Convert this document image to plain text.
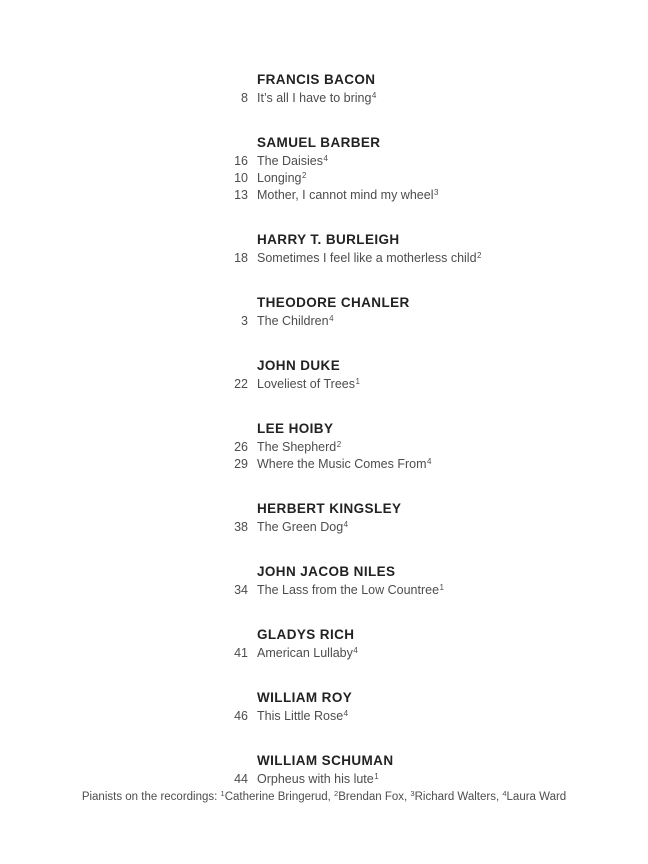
FRANCIS BACON
8 It’s all I have to bring$^4$
SAMUEL BARBER
16 The Daisies$^4$
10 Longing$^2$
13 Mother, I cannot mind my wheel$^3$
HARRY T. BURLEIGH
18 Sometimes I feel like a motherless child$^2$
THEODORE CHANLER
3 The Children$^4$
JOHN DUKE
22 Loveliest of Trees$^1$
LEE HOIBY
26 The Shepherd$^2$
29 Where the Music Comes From$^4$
HERBERT KINGSLEY
38 The Green Dog$^4$
JOHN JACOB NILES
34 The Lass from the Low Countree$^1$
GLADYS RICH
41 American Lullaby$^4$
WILLIAM ROY
46 This Little Rose$^4$
WILLIAM SCHUMAN
44 Orpheus with his lute$^1$
Pianists on the recordings: $^1$Catherine Bringerud, $^2$Brendan Fox, $^3$Richard Walters, $^4$Laura Ward
